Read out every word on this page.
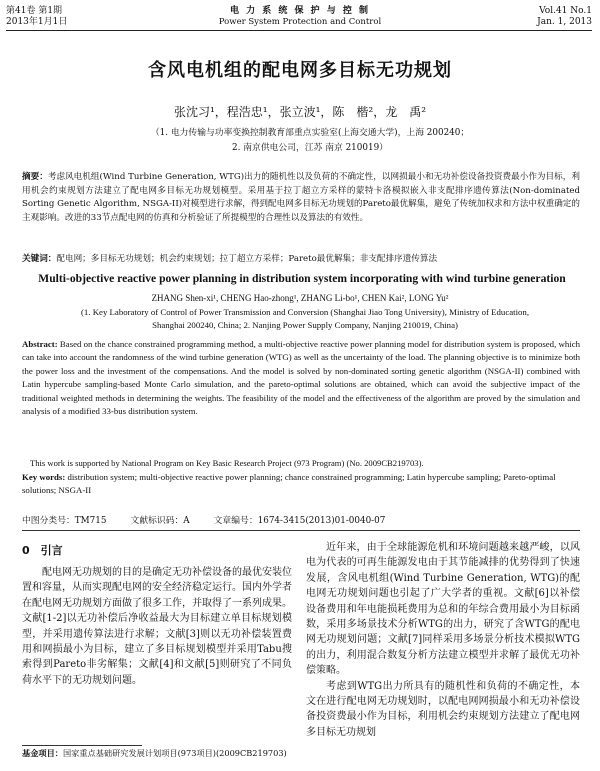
第41卷 第1期
2013年1月1日
电 力 系 统 保 护 与 控 制
Power System Protection and Control
Vol.41 No.1
Jan. 1, 2013
含风电机组的配电网多目标无功规划
张沈习¹，程浩忠¹，张立波¹，陈　楷²，龙　禹²
（1. 电力传输与功率变换控制教育部重点实验室(上海交通大学)，上海 200240；
2. 南京供电公司，江苏 南京 210019）
摘要：考虑风电机组(Wind Turbine Generation, WTG)出力的随机性以及负荷的不确定性，以网损最小和无功补偿设备投资费最小作为目标，利用机会约束规划方法建立了配电网多目标无功规划模型。采用基于拉丁超立方采样的蒙特卡洛模拟嵌入非支配排序遗传算法(Non-dominated Sorting Genetic Algorithm, NSGA-II)对模型进行求解，得到配电网多目标无功规划的Pareto最优解集，避免了传统加权求和方法中权重确定的主观影响。改进的33节点配电网的仿真和分析验证了所提模型的合理性以及算法的有效性。
关键词：配电网；多目标无功规划；机会约束规划；拉丁超立方采样；Pareto最优解集；非支配排序遗传算法
Multi-objective reactive power planning in distribution system incorporating with wind turbine generation
ZHANG Shen-xi¹, CHENG Hao-zhong¹, ZHANG Li-bo¹, CHEN Kai², LONG Yu²
(1. Key Laboratory of Control of Power Transmission and Conversion (Shanghai Jiao Tong University), Ministry of Education,
Shanghai 200240, China; 2. Nanjing Power Supply Company, Nanjing 210019, China)
Abstract: Based on the chance constrained programming method, a multi-objective reactive power planning model for distribution system is proposed, which can take into account the randomness of the wind turbine generation (WTG) as well as the uncertainty of the load. The planning objective is to minimize both the power loss and the investment of the compensations. And the model is solved by non-dominated sorting genetic algorithm (NSGA-II) combined with Latin hypercube sampling-based Monte Carlo simulation, and the pareto-optimal solutions are obtained, which can avoid the subjective impact of the traditional weighted methods in determining the weights. The feasibility of the model and the effectiveness of the algorithm are proved by the simulation and analysis of a modified 33-bus distribution system.
This work is supported by National Program on Key Basic Research Project (973 Program) (No. 2009CB219703).
Key words: distribution system; multi-objective reactive power planning; chance constrained programming; Latin hypercube sampling; Pareto-optimal solutions; NSGA-II
中图分类号：TM715	文献标识码：A	文章编号：1674-3415(2013)01-0040-07
0　引言

配电网无功规划的目的是确定无功补偿设备的最优安装位置和容量，从而实现配电网的安全经济稳定运行。国内外学者在配电网无功规划方面做了很多工作，并取得了一系列成果。文献[1-2]以无功补偿后净收益最大为目标建立单目标规划模型，并采用遗传算法进行求解；文献[3]则以无功补偿装置费用和网损最小为目标，建立了多目标规划模型并采用Tabu搜索得到Pareto非劣解集；文献[4]和文献[5]则研究了不同负荷水平下的无功规划问题。

近年来，由于全球能源危机和环境问题越来越严峻，以风电为代表的可再生能源发电由于其节能减排的优势得到了快速发展，含风电机组(Wind Turbine Generation, WTG)的配电网无功规划问题也引起了广大学者的重视。文献[6]以补偿设备费用和年电能损耗费用为总和的年综合费用最小为目标函数，采用多场景技术分析WTG的出力，研究了含WTG的配电网无功规划问题；文献[7]同样采用多场景分析技术模拟WTG的出力，利用混合数复分析方法建立模型并求解了最优无功补偿策略。

考虑到WTG出力所具有的随机性和负荷的不确定性，本文在进行配电网无功规划时，以配电网网损最小和无功补偿设备投资费最小作为目标，利用机会约束规划方法建立了配电网多目标无功规划

基金项目：国家重点基础研究发展计划项目(973项目)(2009CB219703)
